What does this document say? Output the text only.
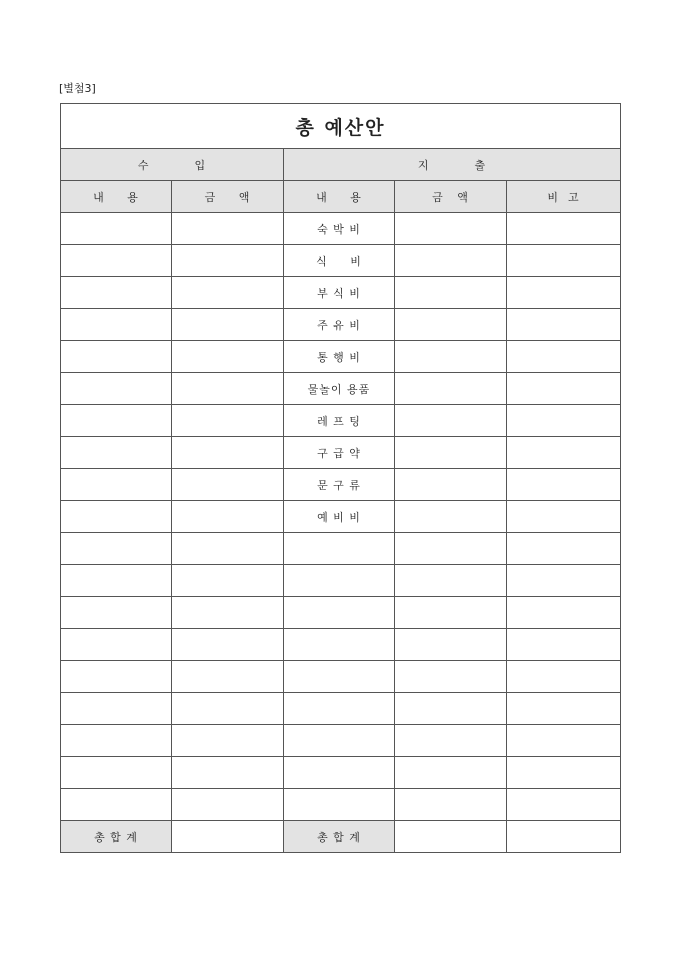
[별첨3]
총 예산안				
수          입		지          출		
내     용	금     액	내     용	금   액	비  고
		숙 박 비		
		식     비		
		부 식 비		
		주 유 비		
		통 행 비		
		물놀이 용품		
		레 프 팅		
		구 급 약		
		문 구 류		
		예 비 비		

총 합 계		총 합 계		
